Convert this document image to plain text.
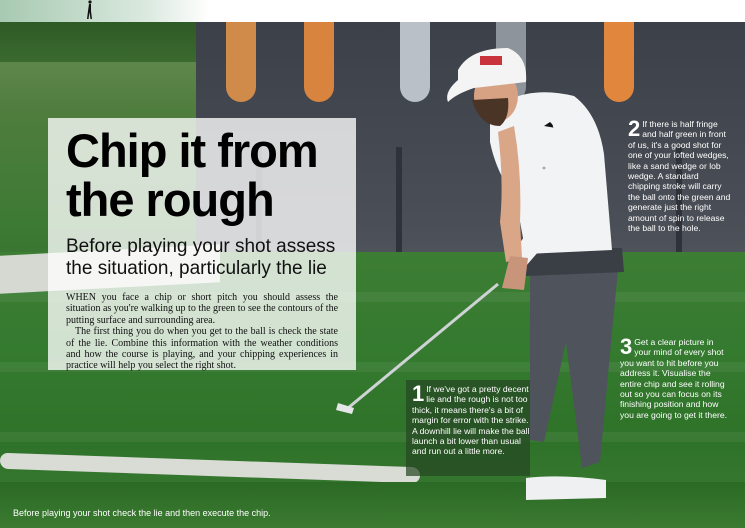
Chip it from the rough

Before playing your shot assess the situation, particularly the lie

WHEN you face a chip or short pitch you should assess the situation as you're walking up to the green to see the contours of the putting surface and surrounding area.

The first thing you do when you get to the ball is check the state of the lie. Combine this information with the weather conditions and how the course is playing, and your chipping experiences in practice will help you select the right shot.

1 If we've got a pretty decent lie and the rough is not too thick, it means there's a bit of margin for error with the strike. A downhill lie will make the ball launch a bit lower than usual and run out a little more.
2 If there is half fringe and half green in front of us, it's a good shot for one of your lofted wedges, like a sand wedge or lob wedge. A standard chipping stroke will carry the ball onto the green and generate just the right amount of spin to release the ball to the hole.
3 Get a clear picture in your mind of every shot you want to hit before you address it. Visualise the entire chip and see it rolling out so you can focus on its finishing position and how you are going to get it there.
Before playing your shot check the lie and then execute the chip.
